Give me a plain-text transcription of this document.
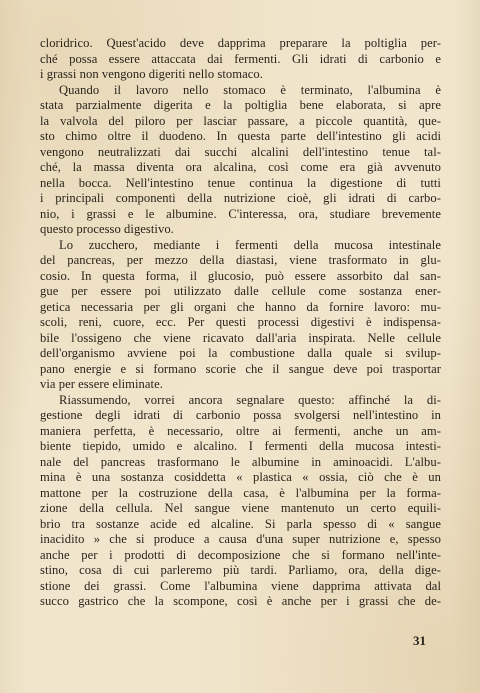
cloridrico. Quest'acido deve dapprima preparare la poltiglia per-
ché possa essere attaccata dai fermenti. Gli idrati di carbonio e
i grassi non vengono digeriti nello stomaco.
Quando il lavoro nello stomaco è terminato, l'albumina è
stata parzialmente digerita e la poltiglia bene elaborata, si apre
la valvola del piloro per lasciar passare, a piccole quantità, que-
sto chimo oltre il duodeno. In questa parte dell'intestino gli acidi
vengono neutralizzati dai succhi alcalini dell'intestino tenue tal-
ché, la massa diventa ora alcalina, così come era già avvenuto
nella bocca. Nell'intestino tenue continua la digestione di tutti
i principali componenti della nutrizione cioè, gli idrati di carbo-
nio, i grassi e le albumine. C'interessa, ora, studiare brevemente
questo processo digestivo.
Lo zucchero, mediante i fermenti della mucosa intestinale
del pancreas, per mezzo della diastasi, viene trasformato in glu-
cosio. In questa forma, il glucosio, può essere assorbito dal san-
gue per essere poi utilizzato dalle cellule come sostanza ener-
getica necessaria per gli organi che hanno da fornire lavoro: mu-
scoli, reni, cuore, ecc. Per questi processi digestivi è indispensa-
bile l'ossigeno che viene ricavato dall'aria inspirata. Nelle cellule
dell'organismo avviene poi la combustione dalla quale si svilup-
pano energie e si formano scorie che il sangue deve poi trasportar
via per essere eliminate.
Riassumendo, vorrei ancora segnalare questo: affinché la di-
gestione degli idrati di carbonio possa svolgersi nell'intestino in
maniera perfetta, è necessario, oltre ai fermenti, anche un am-
biente tiepido, umido e alcalino. I fermenti della mucosa intesti-
nale del pancreas trasformano le albumine in aminoacidi. L'albu-
mina è una sostanza cosiddetta « plastica « ossia, ciò che è un
mattone per la costruzione della casa, è l'albumina per la forma-
zione della cellula. Nel sangue viene mantenuto un certo equili-
brio tra sostanze acide ed alcaline. Si parla spesso di « sangue
inacidito » che si produce a causa d'una super nutrizione e, spesso
anche per i prodotti di decomposizione che si formano nell'inte-
stino, cosa di cui parleremo più tardi. Parliamo, ora, della dige-
stione dei grassi. Come l'albumina viene dapprima attivata dal
succo gastrico che la scompone, così è anche per i grassi che de-
31
